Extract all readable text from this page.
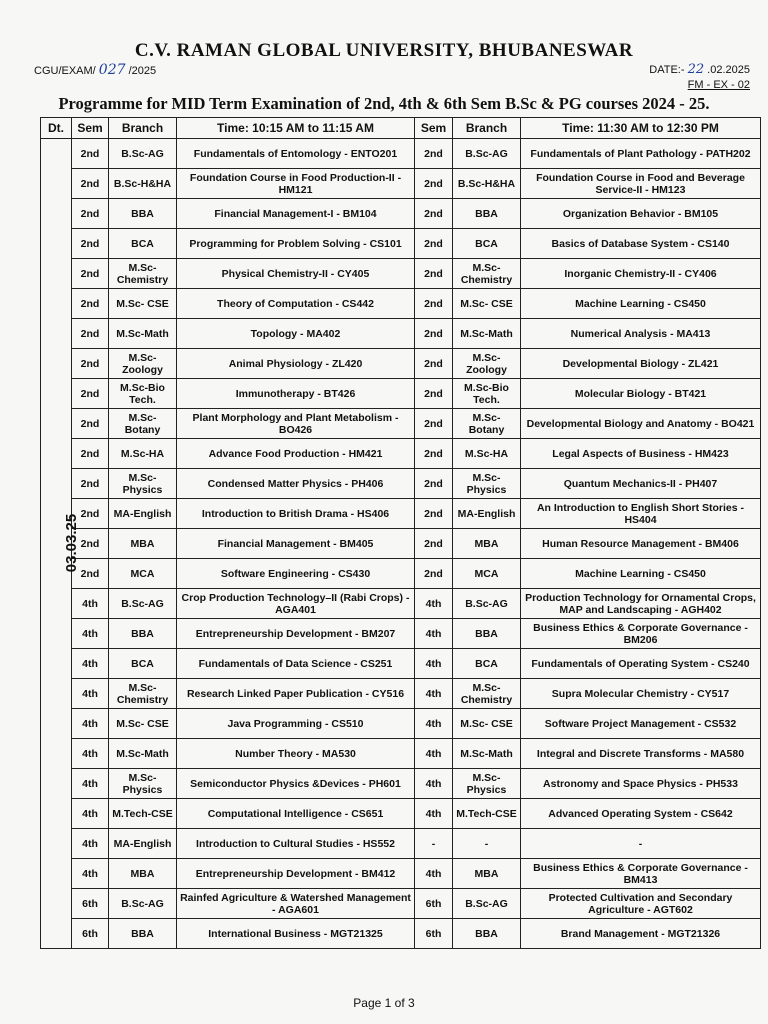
C.V. RAMAN GLOBAL UNIVERSITY, BHUBANESWAR
CGU/EXAM/ 027 /2025	DATE:- 22 .02.2025
FM - EX - 02
Programme for MID Term Examination of 2nd, 4th & 6th Sem B.Sc & PG courses 2024 - 25.
Dt.	Sem	Branch	Time: 10:15 AM to 11:15 AM	Sem	Branch	Time: 11:30 AM to 12:30 PM
03.03.25	2nd	B.Sc-AG	Fundamentals of Entomology - ENTO201	2nd	B.Sc-AG	Fundamentals of Plant Pathology - PATH202
	2nd	B.Sc-H&HA	Foundation Course in Food Production-II - HM121	2nd	B.Sc-H&HA	Foundation Course in Food and Beverage Service-II - HM123
	2nd	BBA	Financial Management-I - BM104	2nd	BBA	Organization Behavior - BM105
	2nd	BCA	Programming for Problem Solving - CS101	2nd	BCA	Basics of Database System - CS140
	2nd	M.Sc-Chemistry	Physical Chemistry-II - CY405	2nd	M.Sc-Chemistry	Inorganic Chemistry-II - CY406
	2nd	M.Sc- CSE	Theory of Computation - CS442	2nd	M.Sc- CSE	Machine Learning - CS450
	2nd	M.Sc-Math	Topology - MA402	2nd	M.Sc-Math	Numerical Analysis - MA413
	2nd	M.Sc-Zoology	Animal Physiology - ZL420	2nd	M.Sc-Zoology	Developmental Biology - ZL421
	2nd	M.Sc-Bio Tech.	Immunotherapy - BT426	2nd	M.Sc-Bio Tech.	Molecular Biology - BT421
	2nd	M.Sc-Botany	Plant Morphology and Plant Metabolism - BO426	2nd	M.Sc-Botany	Developmental Biology and Anatomy - BO421
	2nd	M.Sc-HA	Advance Food Production - HM421	2nd	M.Sc-HA	Legal Aspects of Business - HM423
	2nd	M.Sc-Physics	Condensed Matter Physics - PH406	2nd	M.Sc-Physics	Quantum Mechanics-II - PH407
	2nd	MA-English	Introduction to British Drama - HS406	2nd	MA-English	An Introduction to English Short Stories - HS404
	2nd	MBA	Financial Management - BM405	2nd	MBA	Human Resource Management - BM406
	2nd	MCA	Software Engineering - CS430	2nd	MCA	Machine Learning - CS450
	4th	B.Sc-AG	Crop Production Technology–II (Rabi Crops) - AGA401	4th	B.Sc-AG	Production Technology for Ornamental Crops, MAP and Landscaping - AGH402
	4th	BBA	Entrepreneurship Development - BM207	4th	BBA	Business Ethics & Corporate Governance - BM206
	4th	BCA	Fundamentals of Data Science - CS251	4th	BCA	Fundamentals of Operating System - CS240
	4th	M.Sc-Chemistry	Research Linked Paper Publication - CY516	4th	M.Sc-Chemistry	Supra Molecular Chemistry - CY517
	4th	M.Sc- CSE	Java Programming - CS510	4th	M.Sc- CSE	Software Project Management - CS532
	4th	M.Sc-Math	Number Theory - MA530	4th	M.Sc-Math	Integral and Discrete Transforms - MA580
	4th	M.Sc-Physics	Semiconductor Physics &Devices - PH601	4th	M.Sc-Physics	Astronomy and Space Physics - PH533
	4th	M.Tech-CSE	Computational Intelligence - CS651	4th	M.Tech-CSE	Advanced Operating System - CS642
	4th	MA-English	Introduction to Cultural Studies - HS552	-	-	-
	4th	MBA	Entrepreneurship Development - BM412	4th	MBA	Business Ethics & Corporate Governance - BM413
	6th	B.Sc-AG	Rainfed Agriculture & Watershed Management - AGA601	6th	B.Sc-AG	Protected Cultivation and Secondary Agriculture - AGT602
	6th	BBA	International Business - MGT21325	6th	BBA	Brand Management - MGT21326
Page 1 of 3
